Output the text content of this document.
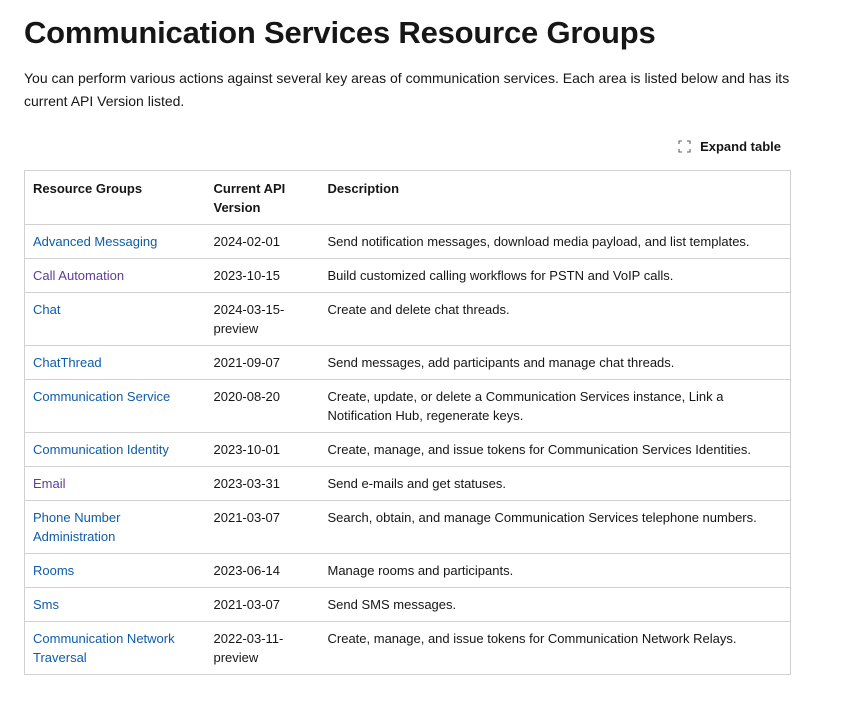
Communication Services Resource Groups

You can perform various actions against several key areas of communication services. Each area is listed below and has its current API Version listed.

Expand table
Resource Groups	Current API Version	Description
Advanced Messaging	2024-02-01	Send notification messages, download media payload, and list templates.
Call Automation	2023-10-15	Build customized calling workflows for PSTN and VoIP calls.
Chat	2024-03-15-preview	Create and delete chat threads.
ChatThread	2021-09-07	Send messages, add participants and manage chat threads.
Communication Service	2020-08-20	Create, update, or delete a Communication Services instance, Link a Notification Hub, regenerate keys.
Communication Identity	2023-10-01	Create, manage, and issue tokens for Communication Services Identities.
Email	2023-03-31	Send e-mails and get statuses.
Phone Number Administration	2021-03-07	Search, obtain, and manage Communication Services telephone numbers.
Rooms	2023-06-14	Manage rooms and participants.
Sms	2021-03-07	Send SMS messages.
Communication Network Traversal	2022-03-11-preview	Create, manage, and issue tokens for Communication Network Relays.
